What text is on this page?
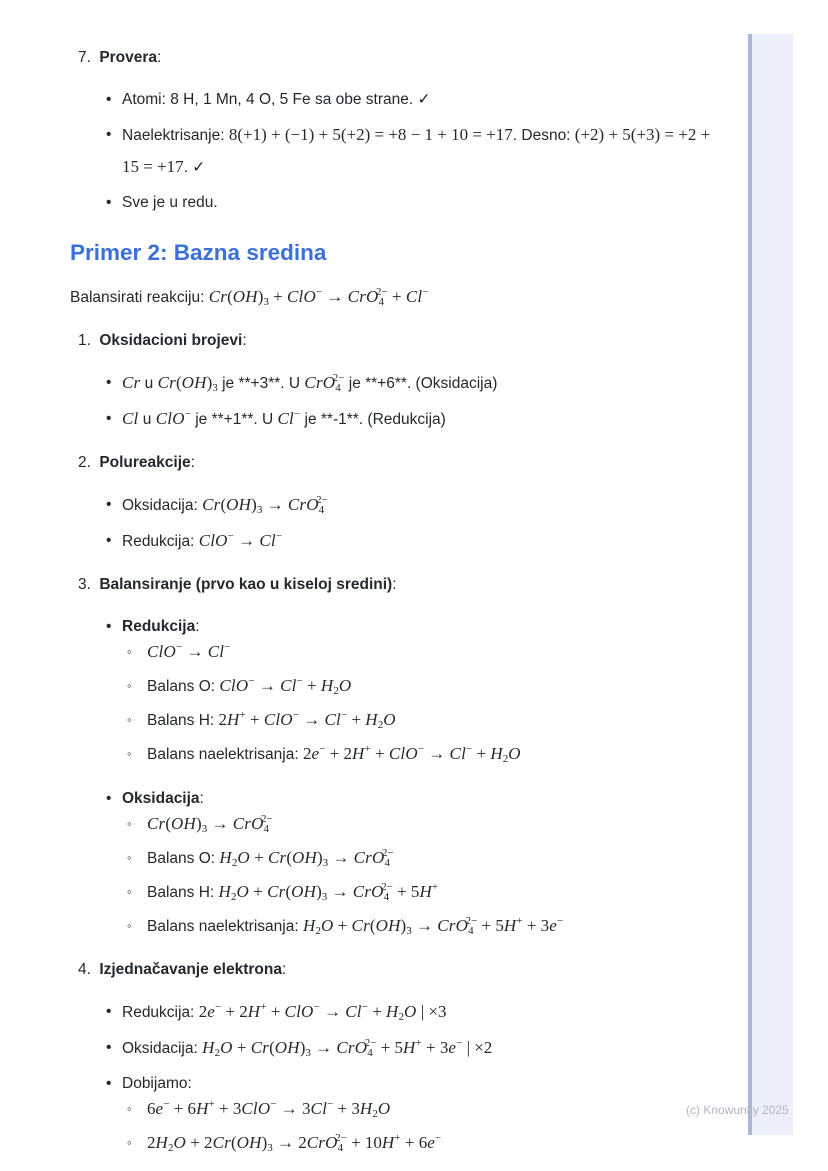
7. Provera:
• Atomi: 8 H, 1 Mn, 4 O, 5 Fe sa obe strane. ✓
• Naelektrisanje: 8(+1) + (−1) + 5(+2) = +8 − 1 + 10 = +17. Desno: (+2) + 5(+3) = +2 + 15 = +17. ✓
• Sve je u redu.
Primer 2: Bazna sredina
Balansirati reakciju: $Cr(OH)_3 + ClO^- \to CrO_4^{2-} + Cl^-$
1. Oksidacioni brojevi:
• Cr u $Cr(OH)_3$ je **+3**. U CrO$_4^{2-}$ je **+6**. (Oksidacija)
• Cl u ClO− je **+1**. U Cl− je **-1**. (Redukcija)
2. Polureakcije:
• Oksidacija: $Cr(OH)_3 \to CrO_4^{2-}$
• Redukcija: ClO− → Cl−
3. Balansiranje (prvo kao u kiseloj sredini):
• Redukcija:
◦ ClO− → Cl−
◦ Balans O: $ClO^- \to Cl^- + H_2O$
◦ Balans H: $2H^+ + ClO^- \to Cl^- + H_2O$
◦ Balans naelektrisanja: $2e^- + 2H^+ + ClO^- \to Cl^- + H_2O$
• Oksidacija:
◦ $Cr(OH)_3 \to CrO_4^{2-}$
◦ Balans O: $H_2O + Cr(OH)_3 \to CrO_4^{2-}$
◦ Balans H: $H_2O + Cr(OH)_3 \to CrO_4^{2-} + 5H^+$
◦ Balans naelektrisanja: $H_2O + Cr(OH)_3 \to CrO_4^{2-} + 5H^+ + 3e^-$
4. Izjednačavanje elektrona:
• Redukcija: $2e^- + 2H^+ + ClO^- \to Cl^- + H_2O$ | ×3
• Oksidacija: $H_2O + Cr(OH)_3 \to CrO_4^{2-} + 5H^+ + 3e^-$ | ×2
• Dobijamo:
◦ $6e^- + 6H^+ + 3ClO^- \to 3Cl^- + 3H_2O$
◦ $2H_2O + 2Cr(OH)_3 \to 2CrO_4^{2-} + 10H^+ + 6e^-$
(c) Knowunity 2025
